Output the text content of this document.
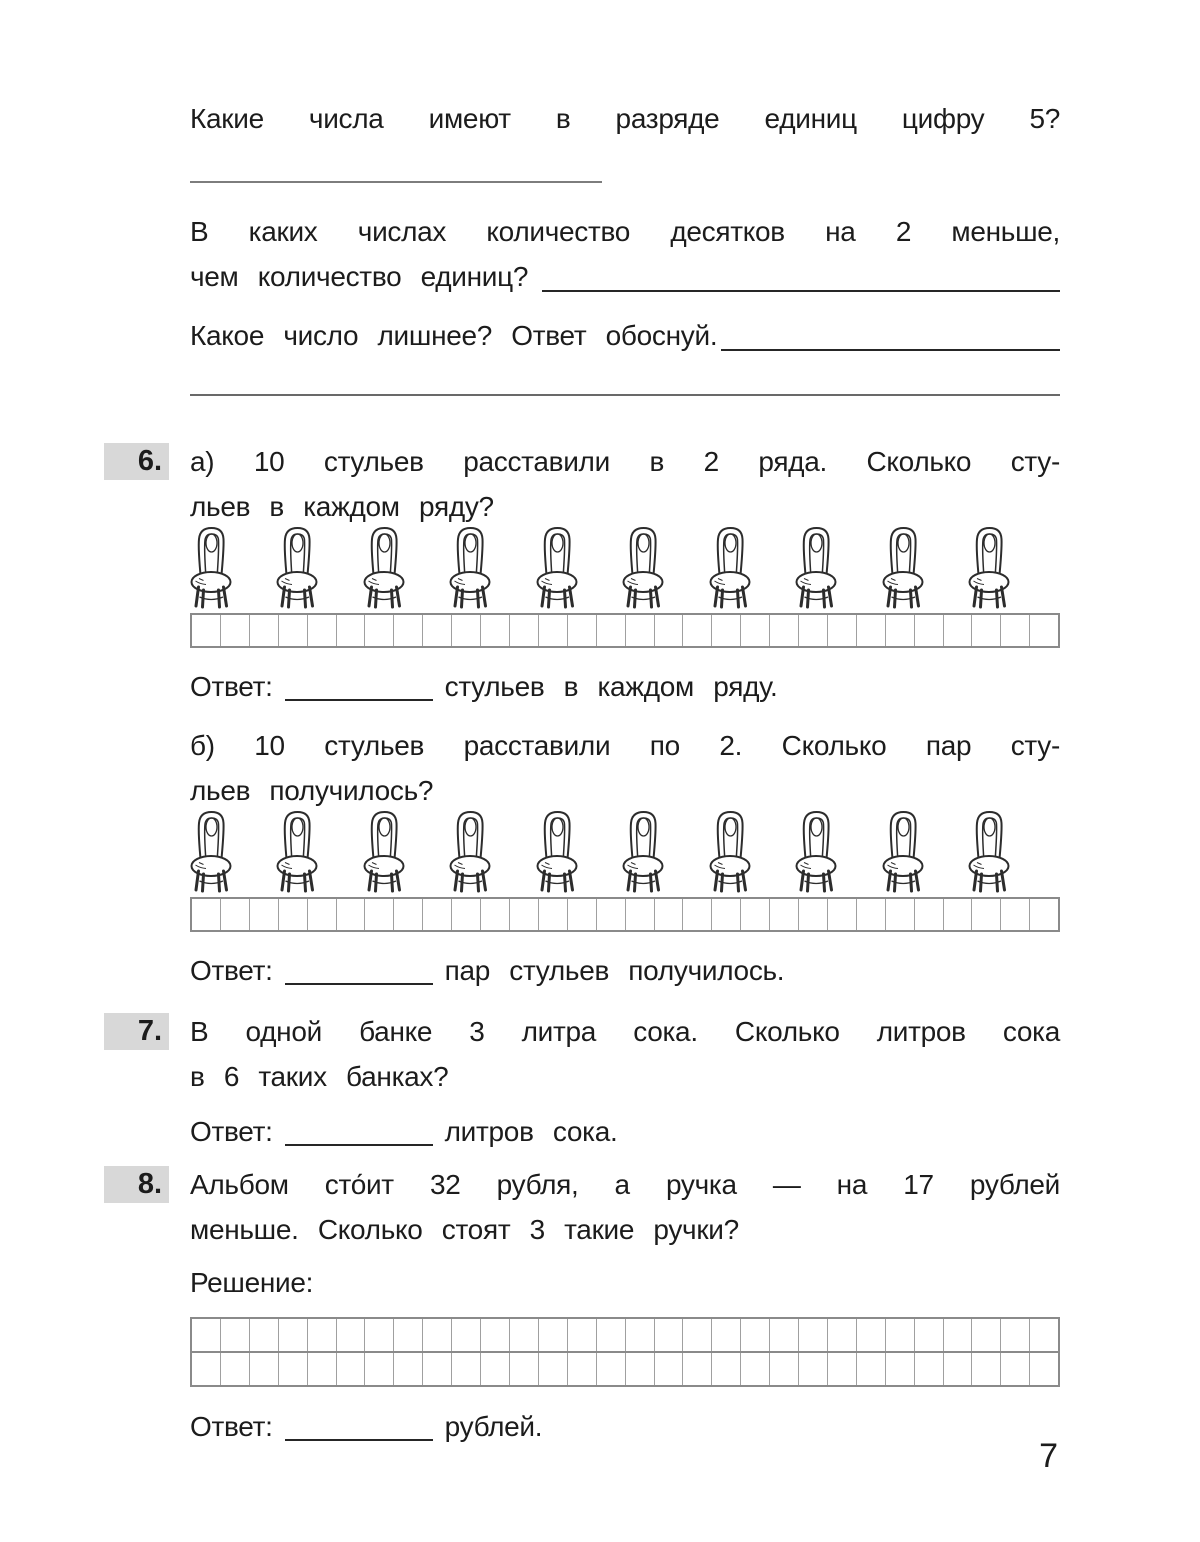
Какие числа имеют в разряде единиц цифру 5?
В каких числах количество десятков на 2 меньше,
чем количество единиц?
Какое число лишнее? Ответ обоснуй.
6. а) 10 стульев расставили в 2 ряда. Сколько сту-
льев в каждом ряду?
Ответ:	стульев в каждом ряду.
б) 10 стульев расставили по 2. Сколько пар сту-
льев получилось?
Ответ:	пар стульев получилось.
7. В одной банке 3 литра сока. Сколько литров сока
в 6 таких банках?
Ответ:	литров сока.
8. Альбом сто́ит 32 рубля, а ручка — на 17 рублей
меньше. Сколько стоят 3 такие ручки?
Решение:
Ответ:	рублей.
7
